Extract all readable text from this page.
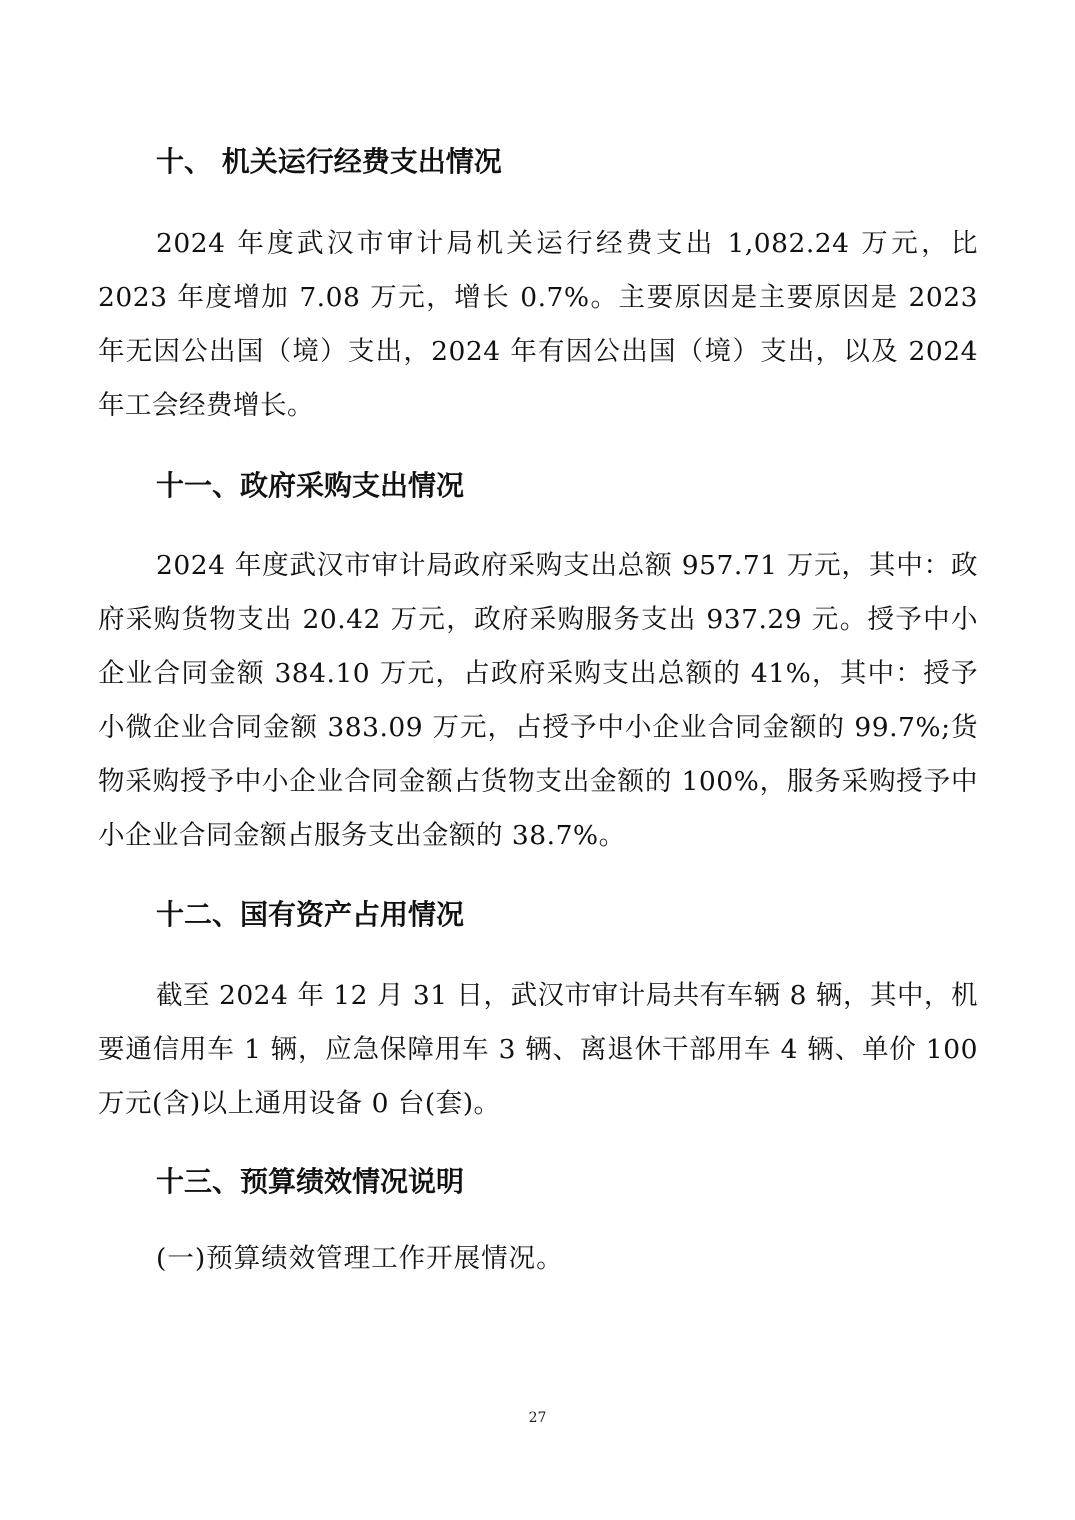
十、 机关运行经费支出情况
2024 年度武汉市审计局机关运行经费支出 1,082.24 万元，比 2023 年度增加 7.08 万元，增长 0.7%。主要原因是主要原因是 2023 年无因公出国（境）支出，2024 年有因公出国（境）支出，以及 2024 年工会经费增长。
十一、政府采购支出情况
2024 年度武汉市审计局政府采购支出总额 957.71 万元，其中：政府采购货物支出 20.42 万元，政府采购服务支出 937.29 元。授予中小企业合同金额 384.10 万元，占政府采购支出总额的 41%，其中：授予小微企业合同金额 383.09 万元，占授予中小企业合同金额的 99.7%;货物采购授予中小企业合同金额占货物支出金额的 100%，服务采购授予中小企业合同金额占服务支出金额的 38.7%。
十二、国有资产占用情况
截至 2024 年 12 月 31 日，武汉市审计局共有车辆 8 辆，其中，机要通信用车 1 辆，应急保障用车 3 辆、离退休干部用车 4 辆、单价 100 万元(含)以上通用设备 0 台(套)。
十三、预算绩效情况说明
(一)预算绩效管理工作开展情况。
27
